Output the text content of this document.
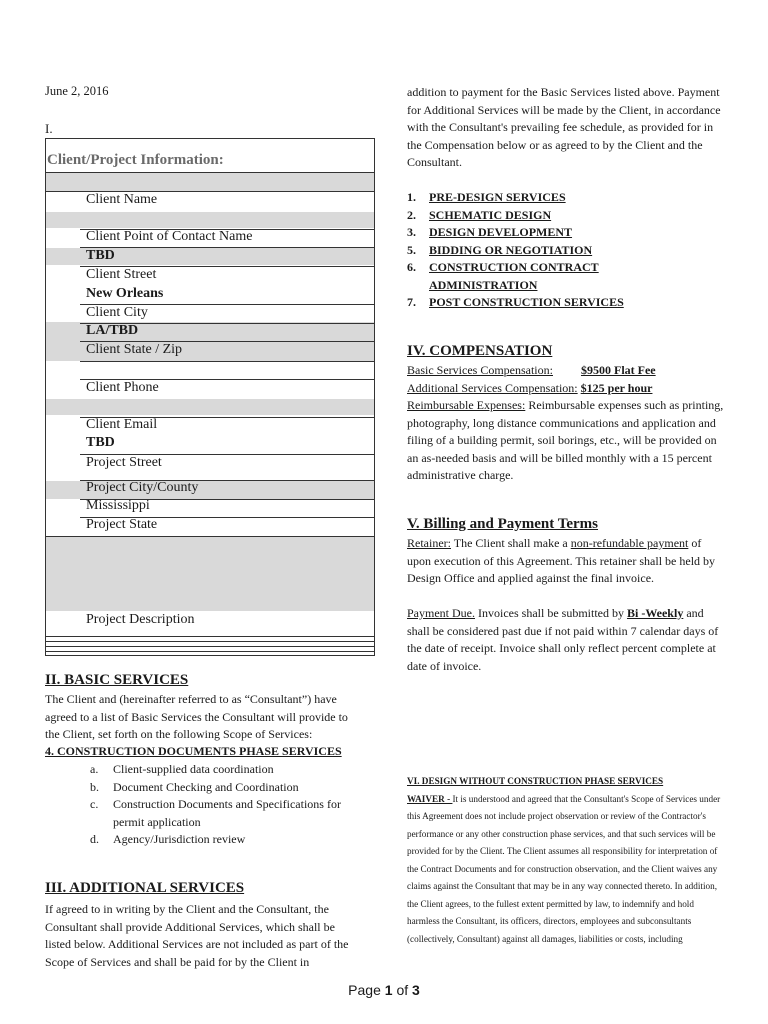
June 2, 2016
I.
Client/Project Information:
Client Name
Client Point of Contact Name
TBD
Client Street
New Orleans
Client City
LA/TBD
Client State / Zip
Client Phone
Client Email
TBD
Project Street
Project City/County
Mississippi
Project State
Project Description
II. BASIC SERVICES
The Client and (hereinafter referred to as “Consultant”) have agreed to a list of Basic Services the Consultant will provide to the Client, set forth on the following Scope of Services:
4. CONSTRUCTION DOCUMENTS PHASE SERVICES
a. Client-supplied data coordination
b. Document Checking and Coordination
c. Construction Documents and Specifications for permit application
d. Agency/Jurisdiction review
III. ADDITIONAL SERVICES
If agreed to in writing by the Client and the Consultant, the Consultant shall provide Additional Services, which shall be listed below. Additional Services are not included as part of the Scope of Services and shall be paid for by the Client in
addition to payment for the Basic Services listed above. Payment for Additional Services will be made by the Client, in accordance with the Consultant's prevailing fee schedule, as provided for in the Compensation below or as agreed to by the Client and the Consultant.
1. PRE-DESIGN SERVICES
2. SCHEMATIC DESIGN
3. DESIGN DEVELOPMENT
5. BIDDING OR NEGOTIATION
6. CONSTRUCTION CONTRACT ADMINISTRATION
7. POST CONSTRUCTION SERVICES
IV. COMPENSATION
Basic Services Compensation: $9500 Flat Fee
Additional Services Compensation: $125 per hour
Reimbursable Expenses: Reimbursable expenses such as printing, photography, long distance communications and application and filing of a building permit, soil borings, etc., will be provided on an as-needed basis and will be billed monthly with a 15 percent administrative charge.
V. Billing and Payment Terms
Retainer: The Client shall make a non-refundable payment of upon execution of this Agreement. This retainer shall be held by Design Office and applied against the final invoice.
Payment Due. Invoices shall be submitted by Bi -Weekly and shall be considered past due if not paid within 7 calendar days of the date of receipt. Invoice shall only reflect percent complete at date of invoice.
VI. DESIGN WITHOUT CONSTRUCTION PHASE SERVICES
WAIVER - It is understood and agreed that the Consultant's Scope of Services under this Agreement does not include project observation or review of the Contractor's performance or any other construction phase services, and that such services will be provided for by the Client. The Client assumes all responsibility for interpretation of the Contract Documents and for construction observation, and the Client waives any claims against the Consultant that may be in any way connected thereto. In addition, the Client agrees, to the fullest extent permitted by law, to indemnify and hold harmless the Consultant, its officers, directors, employees and subconsultants (collectively, Consultant) against all damages, liabilities or costs, including
Page 1 of 3
